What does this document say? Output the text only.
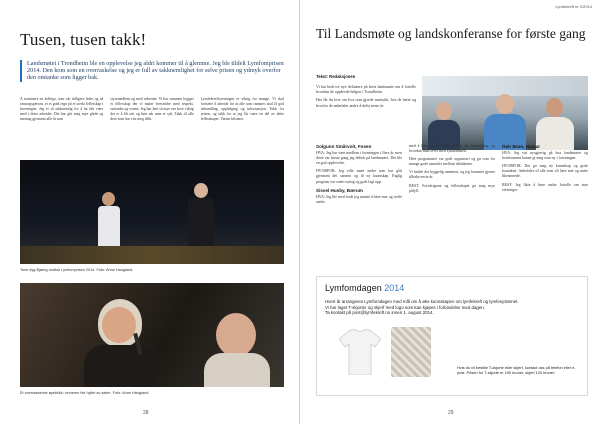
Tusen, tusen takk!
Landsmøtet i Trondheim ble en opplevelse jeg aldri kommer til å glemme. Jeg ble tildelt Lymfomprisen 2014. Den kom som en overraskelse og jeg er full av takknemlighet for selve prisen og ydmyk overfor den omtanke som ligger bak.
Å nominere en kollega, som vår tidligere leder og nå omsorgsperson, er et godt tegn på et sterkt fellesskap i foreningen. Jeg er så takknemlig for å ha fått være med i dette arbeidet. Det har gitt meg mye glede og mening gjennom alle år som
styremedlem og med sekretær. Vi har sammen bygget et fellesskap der vi møter hverandre med respekt, omtanke og varme. Jeg har lært så mye om hvor viktig det er å bli sett og hørt når man er syk. Takk til alle dere som har vist meg tillit.
Lymfekreftforeningen er viktig for mange. Vi skal fortsette å arbeide for at alle som rammes skal få god behandling, oppfølging og informasjon. Takk for prisen, og takk for at jeg får være en del av dette fellesskapet. Varme hilsener.
Tone dyg Bjørbg mottok Lymfomprisen 2014. Foto: Anne Haugland.
Et overraskende øyeblikk: vinneren ble hyllet av salen. Foto: Anne Haugland.
28
Lymfekreft nr 2/2014
29
Til Landsmøte og landskonferanse for første gang
Tekst: Redaksjonen

Vi har bedt tre nye deltakere på årets landsmøte om å fortelle hvordan de opplevde helgen i Trondheim.

Her får du lese om hva som gjorde inntrykk, hva de lærte og hvorfor de anbefaler andre å delta neste år.

Solgunn Smårvoit, Fosen

HVA: Jeg har vært medlem i foreningen i flere år, men dette var første gang jeg deltok på landsmøtet. Det ble en god opplevelse.

HVORFOR: Jeg ville møte andre som har gått gjennom det samme og få ny kunnskap. Faglig program var svært nyttig og godt lagt opp.

Sissel Husby, Bærum

HVA: Jeg ble med fordi jeg ønsket å lære mer og treffe andre.

med å lære og få faglig innsikt om behandling, og hvordan man lever med sykdommen.

Hele programmet var godt organisert og ga rom for mange gode samtaler mellom deltakerne.

Vi hadde det hyggelig sammen, og jeg kommer gjerne tilbake neste år.

BEST: Foredragene og fellesskapet ga meg mye påfyll.

Geir Brun, Hamar

HVA: Jeg var nysgjerrig på hva landsmøtet og konferansen kunne gi meg som ny i foreningen.

HVORFOR: Det ga meg ny kunnskap og gode kontakter. Anbefales til alle som vil lære mer og møte likesinnede.

BEST: Jeg likte å høre andre fortelle om sine erfaringer.

Lymfomdagen 2014

Hvert år arrangeres Lymfomdagen med mål om å øke kunnskapen om lymfekreft og lymfesystemet.

Vi har laget T-skjorter og skjerf med logo som kan kjøpes i forbindelse med dagen.

Ta kontakt på post@lymfekreft.no innen 1. august 2014.

Hvis du vil bestille T-skjorte eller skjerf, kontakt oss på telefon eller e-post. Prisen for T-skjorte er 150 kroner, skjerf 120 kroner.
